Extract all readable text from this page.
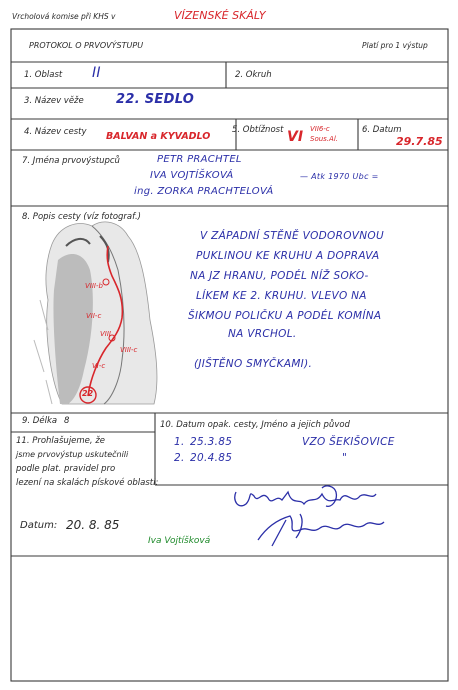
Vrcholová komise při KHS v	VÍZENSKÉ SKÁLY
PROTOKOL O PRVOVÝSTUPU	Platí pro 1 výstup
1. Oblast II	2. Okruh
3. Název věže 22. SEDLO
4. Název cesty BALVAN a KYVADLO
5. Obtížnost VI VII6-c
Sous.Al.
6. Datum
29.7.85
7. Jména prvovýstupců	PETR PRACHTEL
IVA VOJTÍŠKOVÁ
ing. ZORKA PRACHTELOVÁ
— Atk 1970 Ubc =
8. Popis cesty (víz fotograf.)
VIII-b
VII-c
VIII
VIII-c
VI-c
22
V ZÁPADNÍ STĚNĚ VODOROVNOU
PUKLINOU KE KRUHU A DOPRAVA
NA JZ HRANU, PODÉL NÍŽ SOKO-
LÍKEM KE 2. KRUHU. VLEVO NA
ŠIKMOU POLIČKU A PODÉL KOMÍNA
NA VRCHOL.
(JIŠTĚNO SMYČKAMI).
9. Délka 8	10. Datum opak. cesty, Jméno a jejich původ
1. 25.3.85	VZO ŠEKIŠOVICE
2. 20.4.85	"
11. Prohlašujeme, že
jsme prvovýstup uskutečnili
podle plat. pravidel pro
lezení na skalách pískové oblasti:
Datum: 20. 8. 85
Iva Vojtíšková
